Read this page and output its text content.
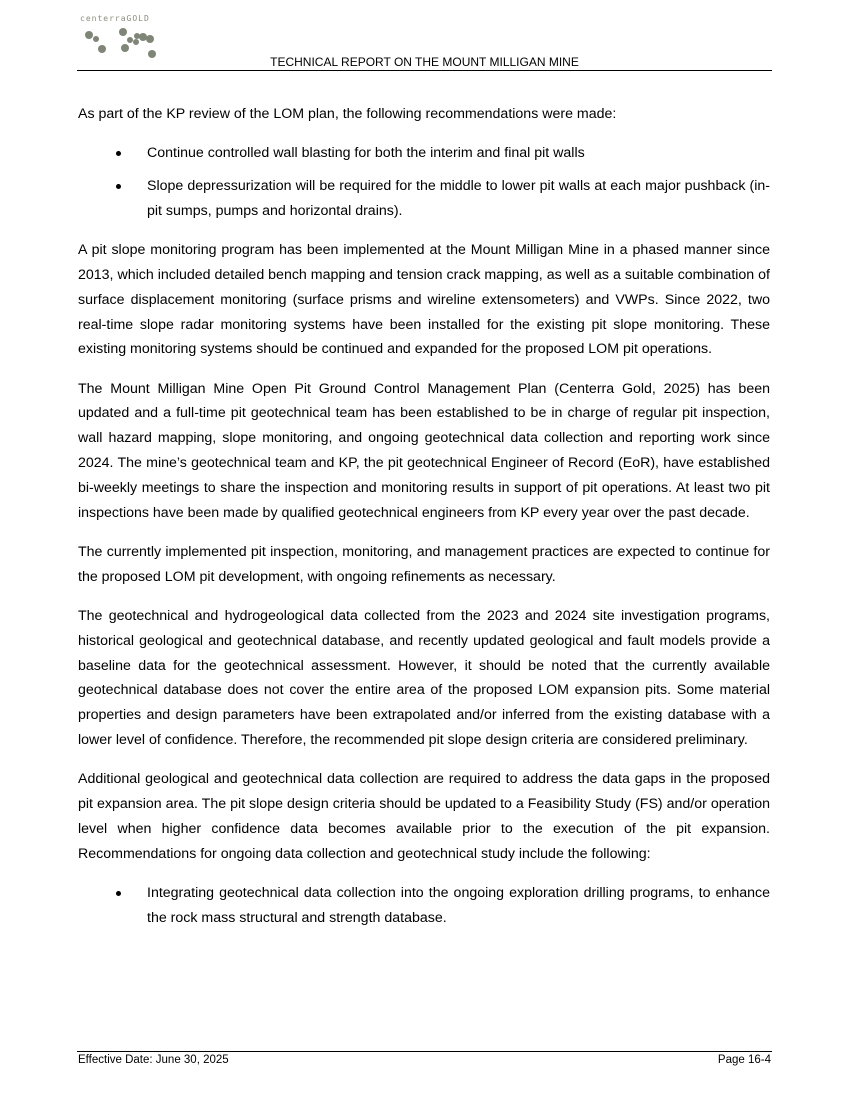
centerraGOLD
TECHNICAL REPORT ON THE MOUNT MILLIGAN MINE

As part of the KP review of the LOM plan, the following recommendations were made:

Continue controlled wall blasting for both the interim and final pit walls
Slope depressurization will be required for the middle to lower pit walls at each major pushback (in-pit sumps, pumps and horizontal drains).

A pit slope monitoring program has been implemented at the Mount Milligan Mine in a phased manner since 2013, which included detailed bench mapping and tension crack mapping, as well as a suitable combination of surface displacement monitoring (surface prisms and wireline extensometers) and VWPs. Since 2022, two real-time slope radar monitoring systems have been installed for the existing pit slope monitoring. These existing monitoring systems should be continued and expanded for the proposed LOM pit operations.

The Mount Milligan Mine Open Pit Ground Control Management Plan (Centerra Gold, 2025) has been updated and a full-time pit geotechnical team has been established to be in charge of regular pit inspection, wall hazard mapping, slope monitoring, and ongoing geotechnical data collection and reporting work since 2024. The mine’s geotechnical team and KP, the pit geotechnical Engineer of Record (EoR), have established bi-weekly meetings to share the inspection and monitoring results in support of pit operations. At least two pit inspections have been made by qualified geotechnical engineers from KP every year over the past decade.

The currently implemented pit inspection, monitoring, and management practices are expected to continue for the proposed LOM pit development, with ongoing refinements as necessary.

The geotechnical and hydrogeological data collected from the 2023 and 2024 site investigation programs, historical geological and geotechnical database, and recently updated geological and fault models provide a baseline data for the geotechnical assessment. However, it should be noted that the currently available geotechnical database does not cover the entire area of the proposed LOM expansion pits. Some material properties and design parameters have been extrapolated and/or inferred from the existing database with a lower level of confidence. Therefore, the recommended pit slope design criteria are considered preliminary.

Additional geological and geotechnical data collection are required to address the data gaps in the proposed pit expansion area. The pit slope design criteria should be updated to a Feasibility Study (FS) and/or operation level when higher confidence data becomes available prior to the execution of the pit expansion. Recommendations for ongoing data collection and geotechnical study include the following:

Integrating geotechnical data collection into the ongoing exploration drilling programs, to enhance the rock mass structural and strength database.
Effective Date: June 30, 2025	Page 16-4
